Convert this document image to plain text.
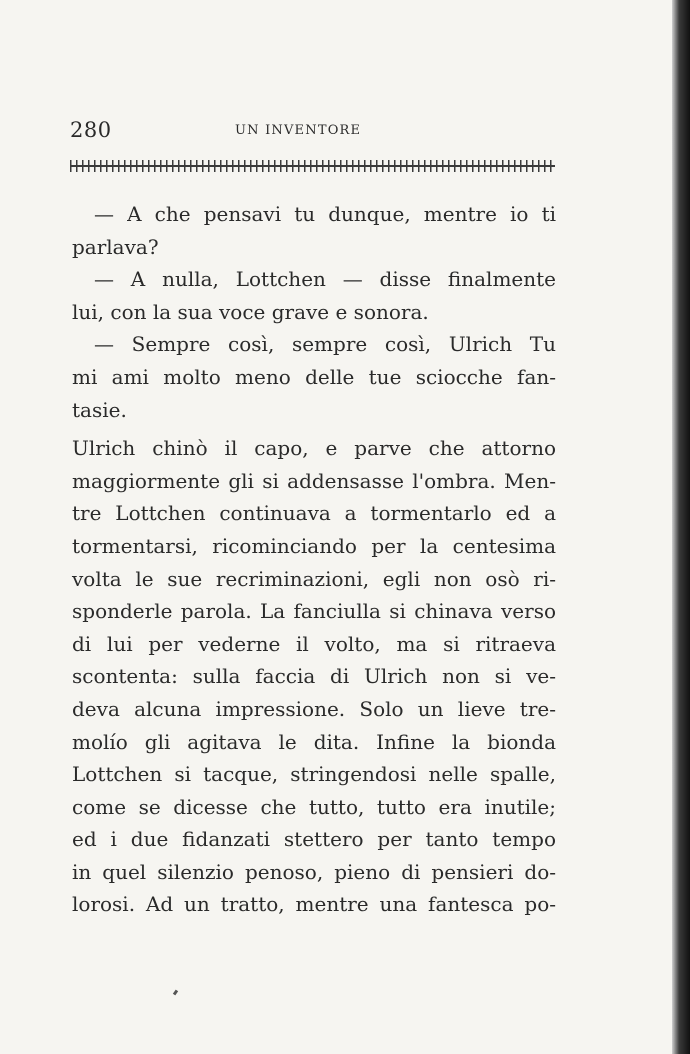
280	UN INVENTORE
— A che pensavi tu dunque, mentre io ti
parlava?
— A nulla, Lottchen — disse finalmente
lui, con la sua voce grave e sonora.
— Sempre così, sempre così, Ulrich Tu
mi ami molto meno delle tue sciocche fan-
tasie.
Ulrich chinò il capo, e parve che attorno
maggiormente gli si addensasse l'ombra. Men-
tre Lottchen continuava a tormentarlo ed a
tormentarsi, ricominciando per la centesima
volta le sue recriminazioni, egli non osò ri-
sponderle parola. La fanciulla si chinava verso
di lui per vederne il volto, ma si ritraeva
scontenta: sulla faccia di Ulrich non si ve-
deva alcuna impressione. Solo un lieve tre-
molío gli agitava le dita. Infine la bionda
Lottchen si tacque, stringendosi nelle spalle,
come se dicesse che tutto, tutto era inutile;
ed i due fidanzati stettero per tanto tempo
in quel silenzio penoso, pieno di pensieri do-
lorosi. Ad un tratto, mentre una fantesca po-
